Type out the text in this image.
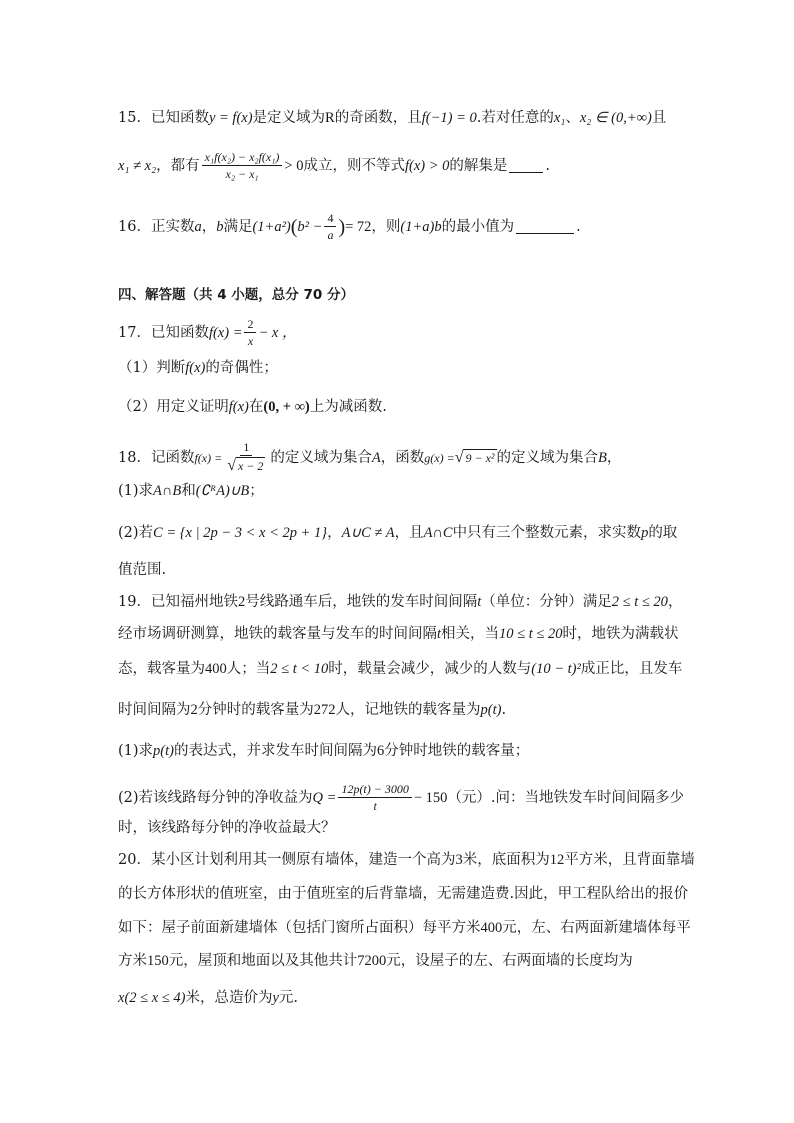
15． 已知函数 y = f(x) 是定义域为 R 的奇函数，且 f(−1) = 0 .若对任意的 x₁ 、 x₂ ∈ (0,+∞) 且
x₁ ≠ x₂ ，都有 $\frac{\text{x₁f(x₂) − x₂f(x₁)}}{\text{x₂ − x₁}} > 0$ 成立，则不等式 f(x) > 0 的解集是	.
16． 正实数 a ， b 满足 (1+a²) ( $b^2 - \frac{4}{a}$ ) = 72 ，则 (1+a)b 的最小值为	.
四、解答题（共 4 小题，总分 70 分）
17．已知函数 $f(x) = \frac{2}{x} - x$ ，
（1）判断 f(x) 的奇偶性；
（2）用定义证明 f(x) 在 (0, + ∞) 上为减函数.
18．记函数 $f(x) = \frac{1}{√ x - 2}$ 的定义域为集合 A ，函数 g(x) = √ 9 − x² 的定义域为集合 B ，
(1)求 A∩B 和 (∁ᴿA)∪B ；
(2)若 C = {x | 2p − 3 < x < 2p + 1} ， A∪C ≠ A ，且 A∩C 中只有三个整数元素，求实数 p 的取
值范围.
19．已知福州地铁 2 号线路通车后，地铁的发车时间间隔 t （单位：分钟）满足 2 ≤ t ≤ 20 ，
经市场调研测算，地铁的载客量与发车的时间间隔 t 相关，当 10 ≤ t ≤ 20 时，地铁为满载状
态，载客量为 400 人；当 2 ≤ t < 10 时，载量会减少，减少的人数与 (10 − t)² 成正比，且发车
时间间隔为 2 分钟时的载客量为 272 人，记地铁的载客量为 p(t) .
(1)求 p(t) 的表达式，并求发车时间间隔为 6 分钟时地铁的载客量；
(2)若该线路每分钟的净收益为 $Q = \frac{12p(t) - 3000}{t} - 150$ （元）.问：当地铁发车时间间隔多少
时，该线路每分钟的净收益最大？
20．某小区计划利用其一侧原有墙体，建造一个高为 3 米，底面积为 12 平方米，且背面靠墙
的长方体形状的值班室，由于值班室的后背靠墙，无需建造费.因此，甲工程队给出的报价
如下：屋子前面新建墙体（包括门窗所占面积）每平方米 400 元，左、右两面新建墙体每平
方米 150 元，屋顶和地面以及其他共计 7200 元，设屋子的左、右两面墙的长度均为
x (2 ≤ x ≤ 4) 米，总造价为 y 元.
